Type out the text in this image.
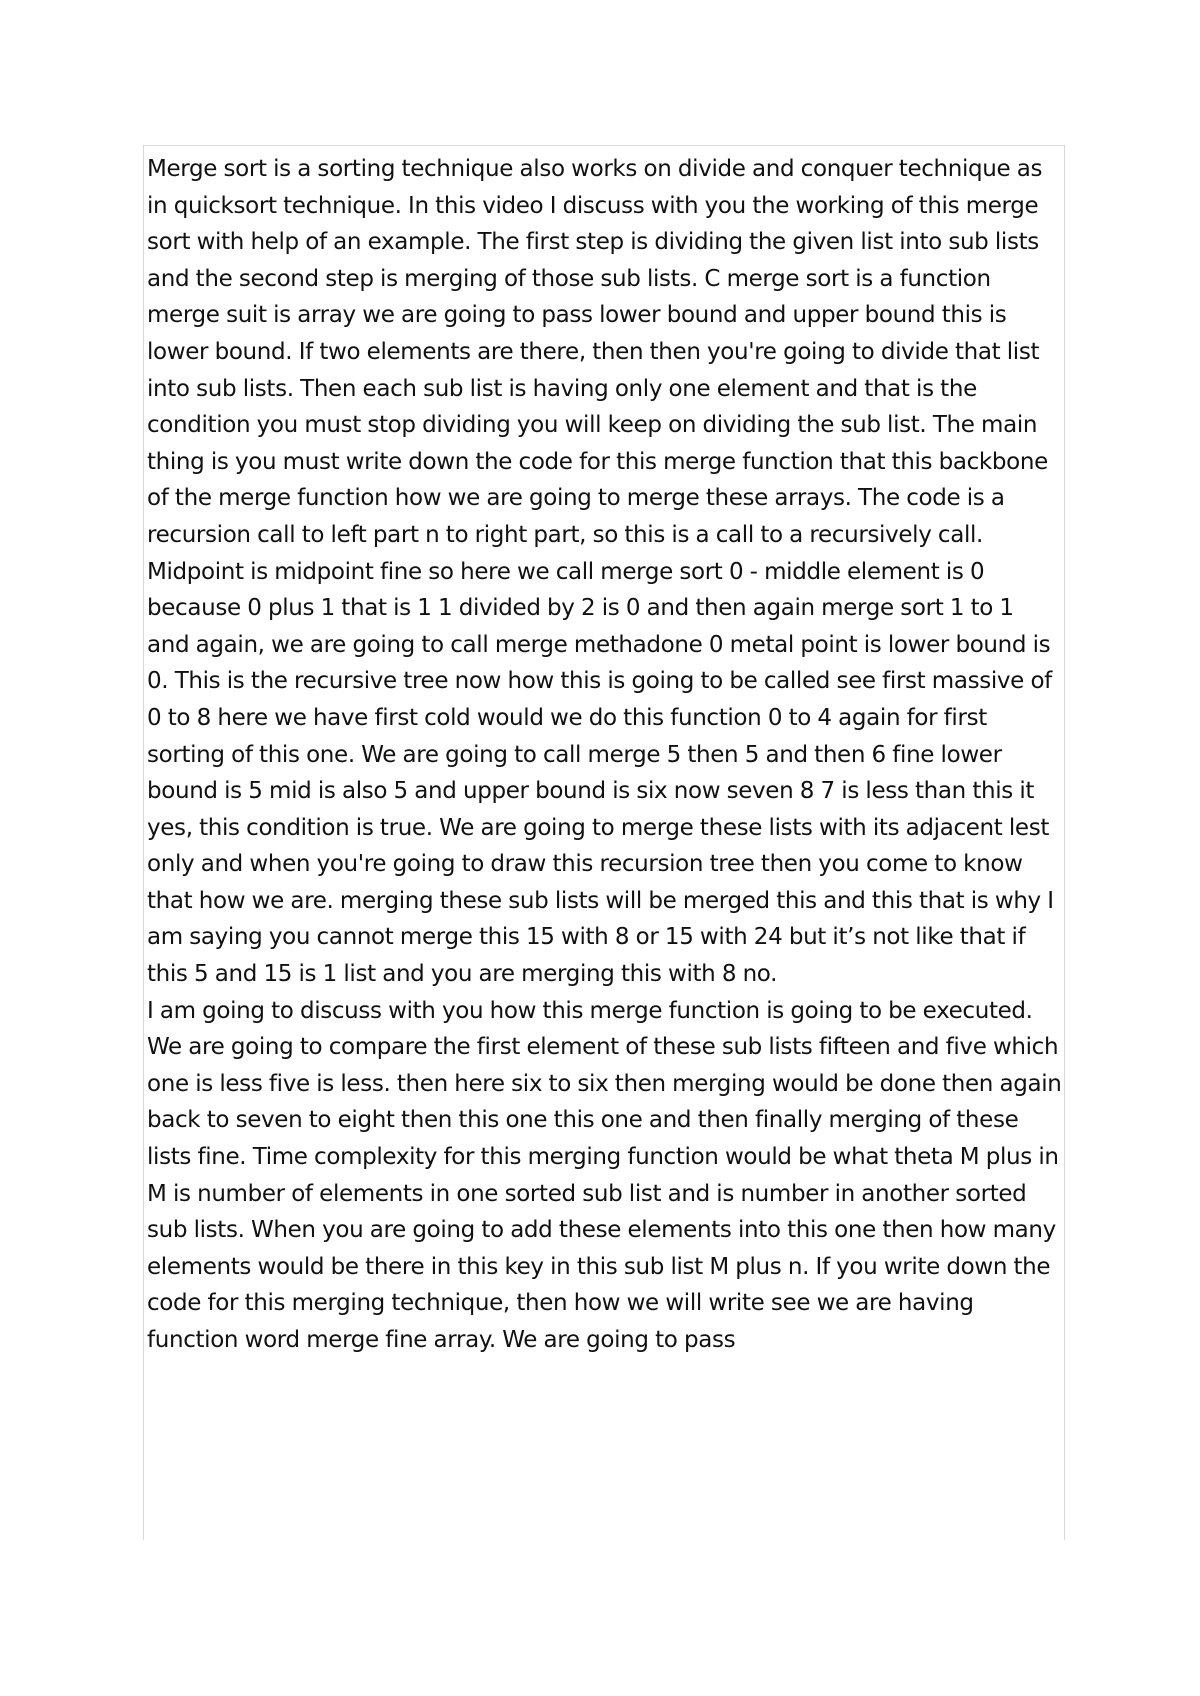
Merge sort is a sorting technique also works on divide and conquer technique as in quicksort technique. In this video I discuss with you the working of this merge sort with help of an example. The first step is dividing the given list into sub lists and the second step is merging of those sub lists. C merge sort is a function merge suit is array we are going to pass lower bound and upper bound this is lower bound. If two elements are there, then then you're going to divide that list into sub lists. Then each sub list is having only one element and that is the condition you must stop dividing you will keep on dividing the sub list. The main thing is you must write down the code for this merge function that this backbone of the merge function how we are going to merge these arrays. The code is a recursion call to left part n to right part, so this is a call to a recursively call.

Midpoint is midpoint fine so here we call merge sort 0 - middle element is 0 because 0 plus 1 that is 1 1 divided by 2 is 0 and then again merge sort 1 to 1 and again, we are going to call merge methadone 0 metal point is lower bound is 0. This is the recursive tree now how this is going to be called see first massive of 0 to 8 here we have first cold would we do this function 0 to 4 again for first sorting of this one. We are going to call merge 5 then 5 and then 6 fine lower bound is 5 mid is also 5 and upper bound is six now seven 8 7 is less than this it yes, this condition is true. We are going to merge these lists with its adjacent lest only and when you're going to draw this recursion tree then you come to know that how we are. merging these sub lists will be merged this and this that is why I am saying you cannot merge this 15 with 8 or 15 with 24 but it’s not like that if this 5 and 15 is 1 list and you are merging this with 8 no.

I am going to discuss with you how this merge function is going to be executed. We are going to compare the first element of these sub lists fifteen and five which one is less five is less. then here six to six then merging would be done then again back to seven to eight then this one this one and then finally merging of these lists fine. Time complexity for this merging function would be what theta M plus in M is number of elements in one sorted sub list and is number in another sorted sub lists. When you are going to add these elements into this one then how many elements would be there in this key in this sub list M plus n. If you write down the code for this merging technique, then how we will write see we are having function word merge fine array. We are going to pass
